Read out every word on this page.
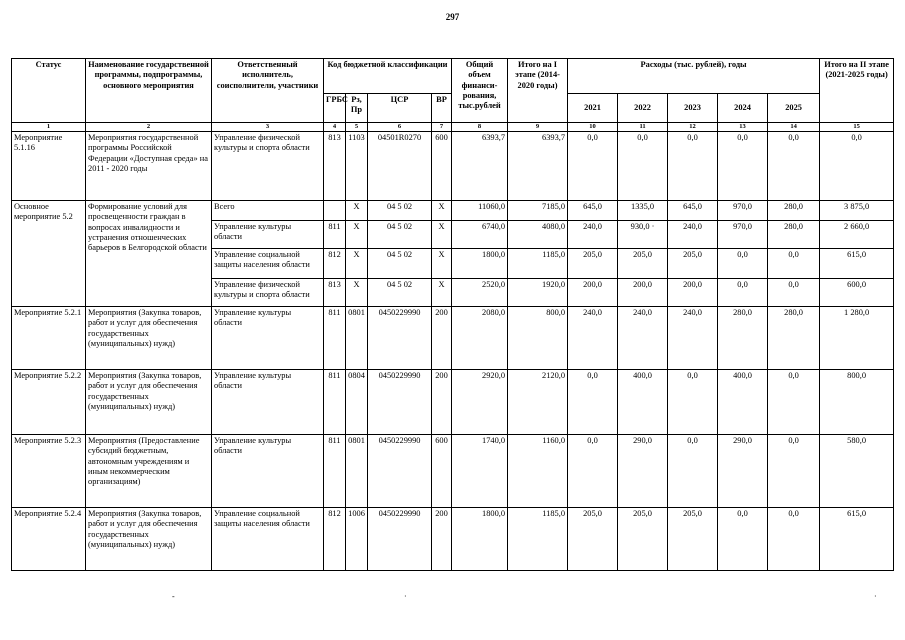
297
Статус	Наименование государственной программы, подпрограммы, основного мероприятия	Ответственный исполнитель, соисполнители, участники	Код бюджетной классификации				Общий объем финанси-рования, тыс.рублей	Итого на I этапе (2014-2020 годы)	Расходы (тыс. рублей), годы					Итого на II этапе (2021-2025 годы)
			ГРБС	Рз, Пр	ЦСР	ВР			2021	2022	2023	2024	2025	
1	2	3	4	5	6	7	8	9	10	11	12	13	14	15
Мероприятие 5.1.16	Мероприятия государственной программы Российской Федерации «Доступная среда» на 2011 - 2020 годы	Управление физической культуры и спорта области	813	1103	04501R0270	600	6393,7	6393,7	0,0	0,0	0,0	0,0	0,0	0,0
Основное мероприятие 5.2	Формирование условий для просвещенности граждан в вопросах инвалидности и устранения отношенческих барьеров в Белгородской области	Всего		Х	04 5 02	Х	11060,0	7185,0	645,0	1335,0	645,0	970,0	280,0	3 875,0
		Управление культуры области	811	Х	04 5 02	Х	6740,0	4080,0	240,0	930,0 ·	240,0	970,0	280,0	2 660,0
		Управление социальной защиты населения области	812	Х	04 5 02	Х	1800,0	1185,0	205,0	205,0	205,0	0,0	0,0	615,0
		Управление физической культуры и спорта области	813	Х	04 5 02	Х	2520,0	1920,0	200,0	200,0	200,0	0,0	0,0	600,0
Мероприятие 5.2.1	Мероприятия (Закупка товаров, работ и услуг для обеспечения государственных (муниципальных) нужд)	Управление культуры области	811	0801	0450229990	200	2080,0	800,0	240,0	240,0	240,0	280,0	280,0	1 280,0
Мероприятие 5.2.2	Мероприятия (Закупка товаров, работ и услуг для обеспечения государственных (муниципальных) нужд)	Управление культуры области	811	0804	0450229990	200	2920,0	2120,0	0,0	400,0	0,0	400,0	0,0	800,0
Мероприятие 5.2.3	Мероприятия (Предоставление субсидий бюджетным, автономным учреждениям и иным некоммерческим организациям)	Управление культуры области	811	0801	0450229990	600	1740,0	1160,0	0,0	290,0	0,0	290,0	0,0	580,0
Мероприятие 5.2.4	Мероприятия (Закупка товаров, работ и услуг для обеспечения государственных (муниципальных) нужд)	Управление социальной защиты населения области	812	1006	0450229990	200	1800,0	1185,0	205,0	205,0	205,0	0,0	0,0	615,0
-	·	·
